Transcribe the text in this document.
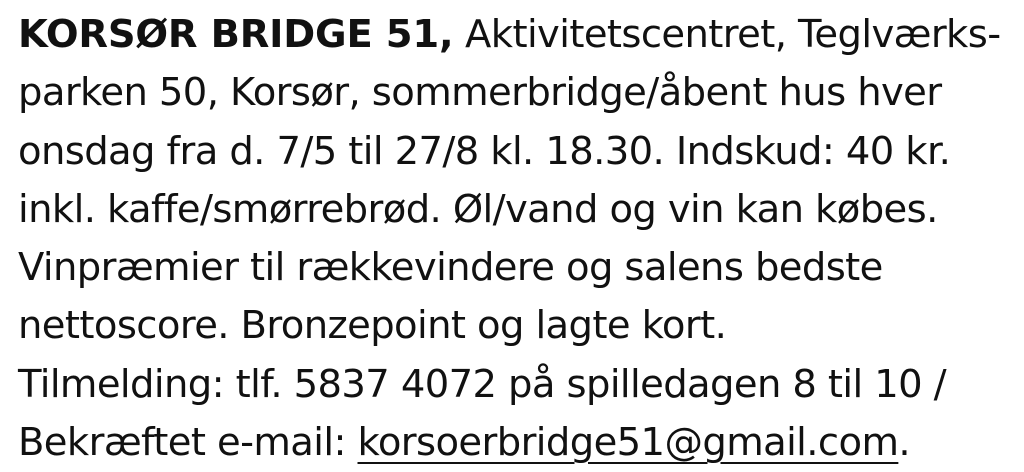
KORSØR BRIDGE 51, Aktivitetscentret, Teglværks-
parken 50, Korsør, sommerbridge/åbent hus hver
onsdag fra d. 7/5 til 27/8 kl. 18.30. Indskud: 40 kr.
inkl. kaffe/smørrebrød. Øl/vand og vin kan købes.
Vinpræmier til rækkevindere og salens bedste
nettoscore. Bronzepoint og lagte kort.
Tilmelding: tlf. 5837 4072 på spilledagen 8 til 10 /
Bekræftet e-mail: korsoerbridge51@gmail.com.
